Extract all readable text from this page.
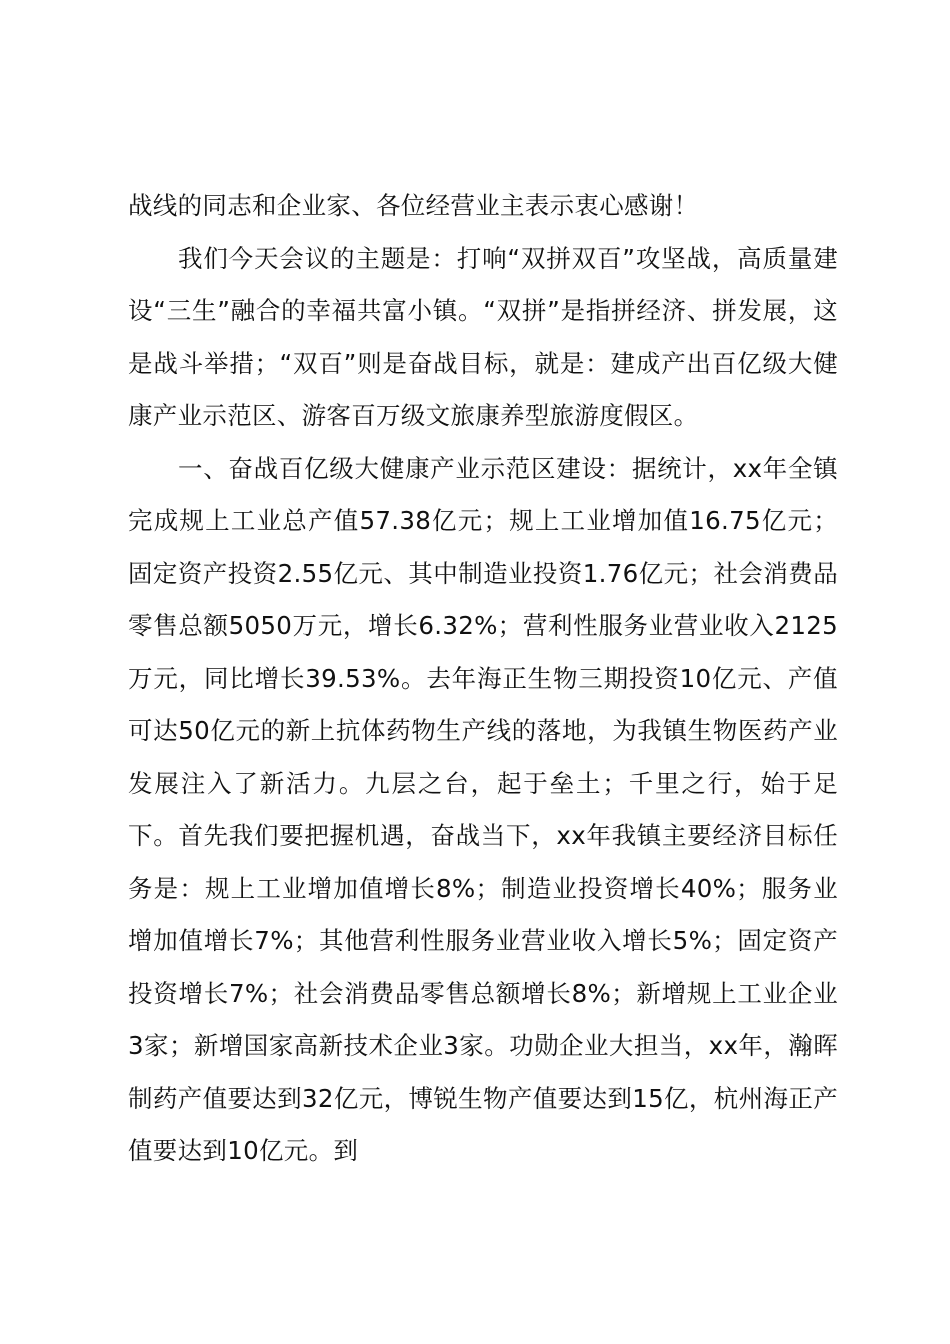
战线的同志和企业家、各位经营业主表示衷心感谢！

我们今天会议的主题是：打响“双拼双百”攻坚战，高质量建设“三生”融合的幸福共富小镇。“双拼”是指拼经济、拼发展，这是战斗举措；“双百”则是奋战目标，就是：建成产出百亿级大健康产业示范区、游客百万级文旅康养型旅游度假区。

一、奋战百亿级大健康产业示范区建设：据统计，xx年全镇完成规上工业总产值57.38亿元；规上工业增加值16.75亿元；固定资产投资2.55亿元、其中制造业投资1.76亿元；社会消费品零售总额5050万元，增长6.32%；营利性服务业营业收入2125万元，同比增长39.53%。去年海正生物三期投资10亿元、产值可达50亿元的新上抗体药物生产线的落地，为我镇生物医药产业发展注入了新活力。九层之台，起于垒土；千里之行，始于足下。首先我们要把握机遇，奋战当下，xx年我镇主要经济目标任务是：规上工业增加值增长8%；制造业投资增长40%；服务业增加值增长7%；其他营利性服务业营业收入增长5%；固定资产投资增长7%；社会消费品零售总额增长8%；新增规上工业企业3家；新增国家高新技术企业3家。功勋企业大担当，xx年，瀚晖制药产值要达到32亿元，博锐生物产值要达到15亿，杭州海正产值要达到10亿元。到
